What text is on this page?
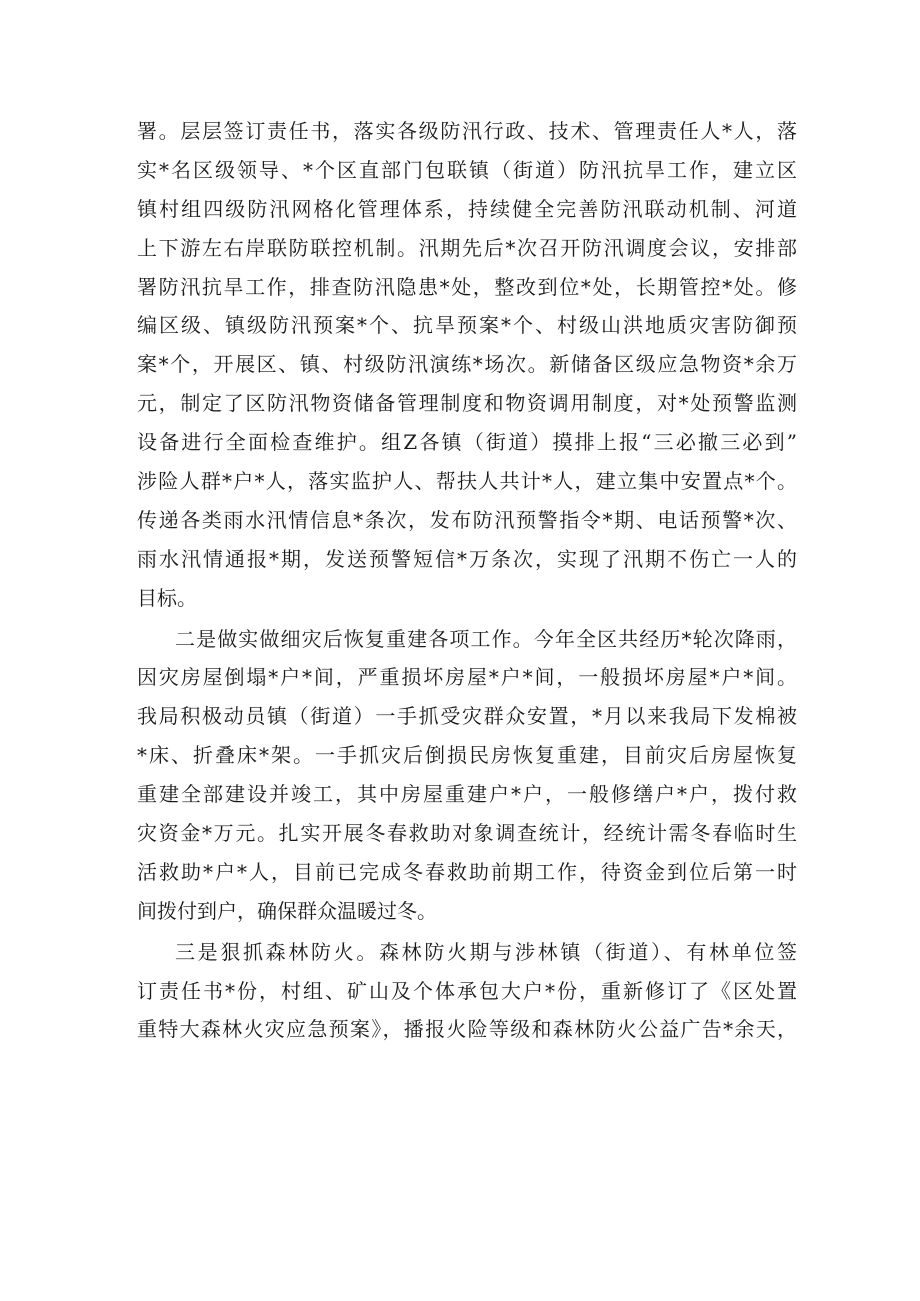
署。层层签订责任书，落实各级防汛行政、技术、管理责任人*人，落
实*名区级领导、*个区直部门包联镇（街道）防汛抗旱工作，建立区
镇村组四级防汛网格化管理体系，持续健全完善防汛联动机制、河道
上下游左右岸联防联控机制。汛期先后*次召开防汛调度会议，安排部
署防汛抗旱工作，排查防汛隐患*处，整改到位*处，长期管控*处。修
编区级、镇级防汛预案*个、抗旱预案*个、村级山洪地质灾害防御预
案*个，开展区、镇、村级防汛演练*场次。新储备区级应急物资*余万
元，制定了区防汛物资储备管理制度和物资调用制度，对*处预警监测
设备进行全面检查维护。组Z各镇（街道）摸排上报“三必撤三必到”
涉险人群*户*人，落实监护人、帮扶人共计*人，建立集中安置点*个。
传递各类雨水汛情信息*条次，发布防汛预警指令*期、电话预警*次、
雨水汛情通报*期，发送预警短信*万条次，实现了汛期不伤亡一人的
目标。

二是做实做细灾后恢复重建各项工作。今年全区共经历*轮次降雨，
因灾房屋倒塌*户*间，严重损坏房屋*户*间，一般损坏房屋*户*间。
我局积极动员镇（街道）一手抓受灾群众安置，*月以来我局下发棉被
*床、折叠床*架。一手抓灾后倒损民房恢复重建，目前灾后房屋恢复
重建全部建设并竣工，其中房屋重建户*户，一般修缮户*户，拨付救
灾资金*万元。扎实开展冬春救助对象调查统计，经统计需冬春临时生
活救助*户*人，目前已完成冬春救助前期工作，待资金到位后第一时
间拨付到户，确保群众温暖过冬。

三是狠抓森林防火。森林防火期与涉林镇（街道）、有林单位签
订责任书*份，村组、矿山及个体承包大户*份，重新修订了《区处置
重特大森林火灾应急预案》，播报火险等级和森林防火公益广告*余天，
